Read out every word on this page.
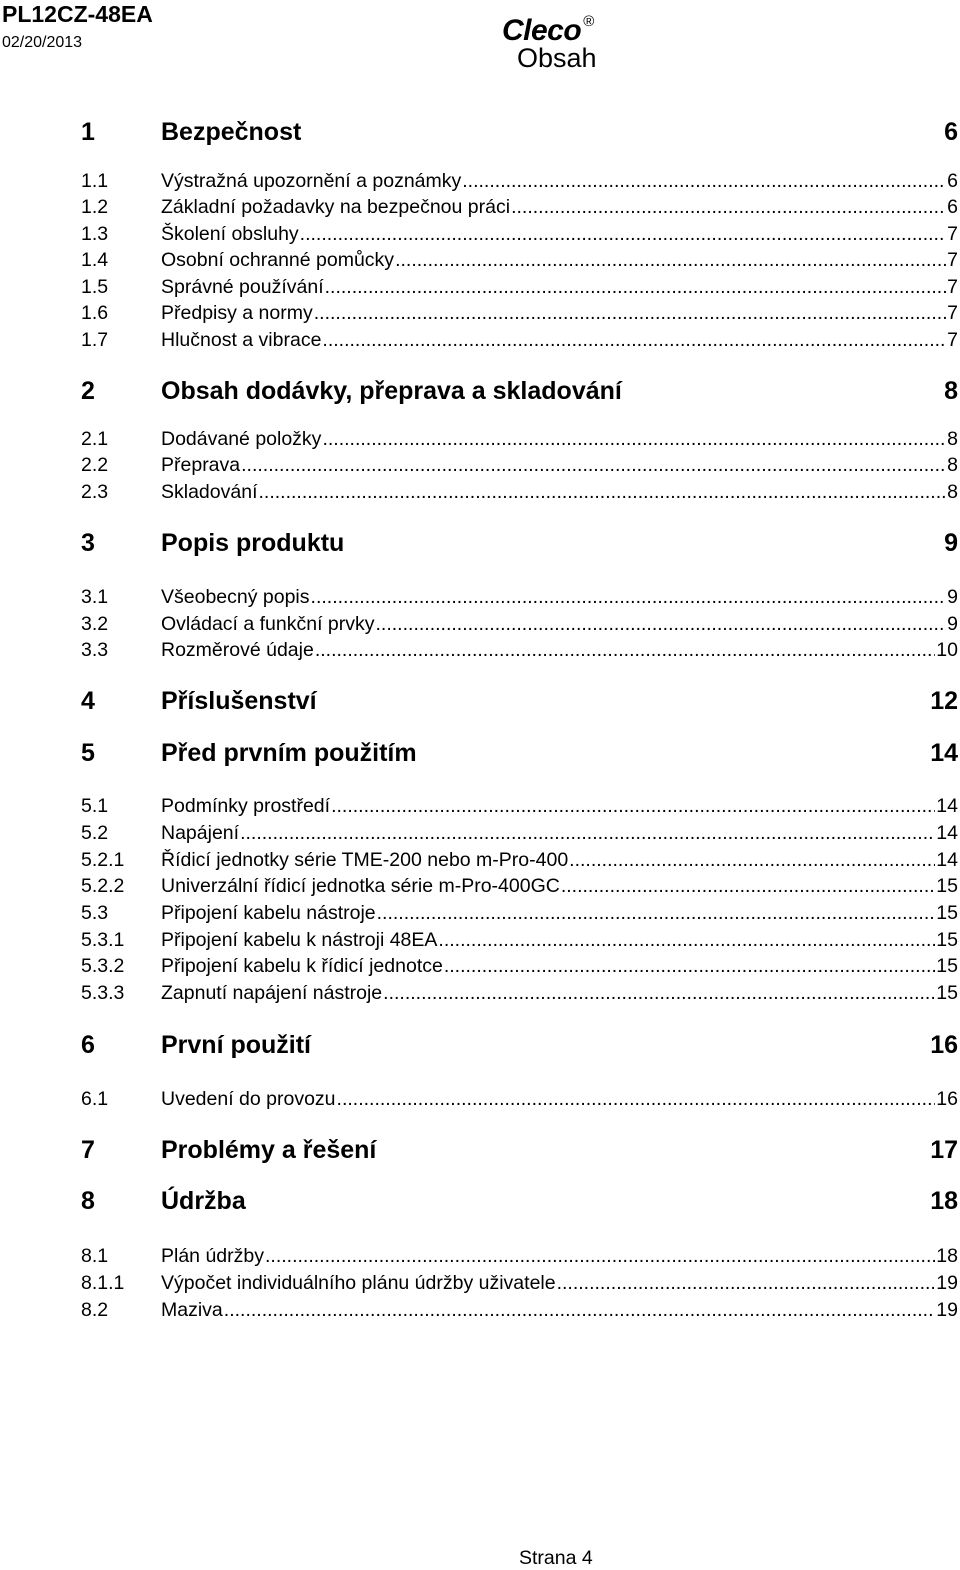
PL12CZ-48EA
02/20/2013	Cleco ®
Obsah
1	Bezpečnost	6
1.1	Výstražná upozornění a poznámky .....	6
1.2	Základní požadavky na bezpečnou práci .....	6
1.3	Školení obsluhy .....	7
1.4	Osobní ochranné pomůcky .....	7
1.5	Správné používání .....	7
1.6	Předpisy a normy .....	7
1.7	Hlučnost a vibrace .....	7
2	Obsah dodávky, přeprava a skladování	8
2.1	Dodávané položky .....	8
2.2	Přeprava .....	8
2.3	Skladování .....	8
3	Popis produktu	9
3.1	Všeobecný popis .....	9
3.2	Ovládací a funkční prvky .....	9
3.3	Rozměrové údaje .....	10
4	Příslušenství	12
5	Před prvním použitím	14
5.1	Podmínky prostředí .....	14
5.2	Napájení .....	14
5.2.1	Řídicí jednotky série TME-200 nebo m-Pro-400 .....	14
5.2.2	Univerzální řídicí jednotka série m-Pro-400GC .....	15
5.3	Připojení kabelu nástroje .....	15
5.3.1	Připojení kabelu k nástroji 48EA .....	15
5.3.2	Připojení kabelu k řídicí jednotce .....	15
5.3.3	Zapnutí napájení nástroje .....	15
6	První použití	16
6.1	Uvedení do provozu .....	16
7	Problémy a řešení	17
8	Údržba	18
8.1	Plán údržby .....	18
8.1.1	Výpočet individuálního plánu údržby uživatele .....	19
8.2	Maziva .....	19
Strana 4
